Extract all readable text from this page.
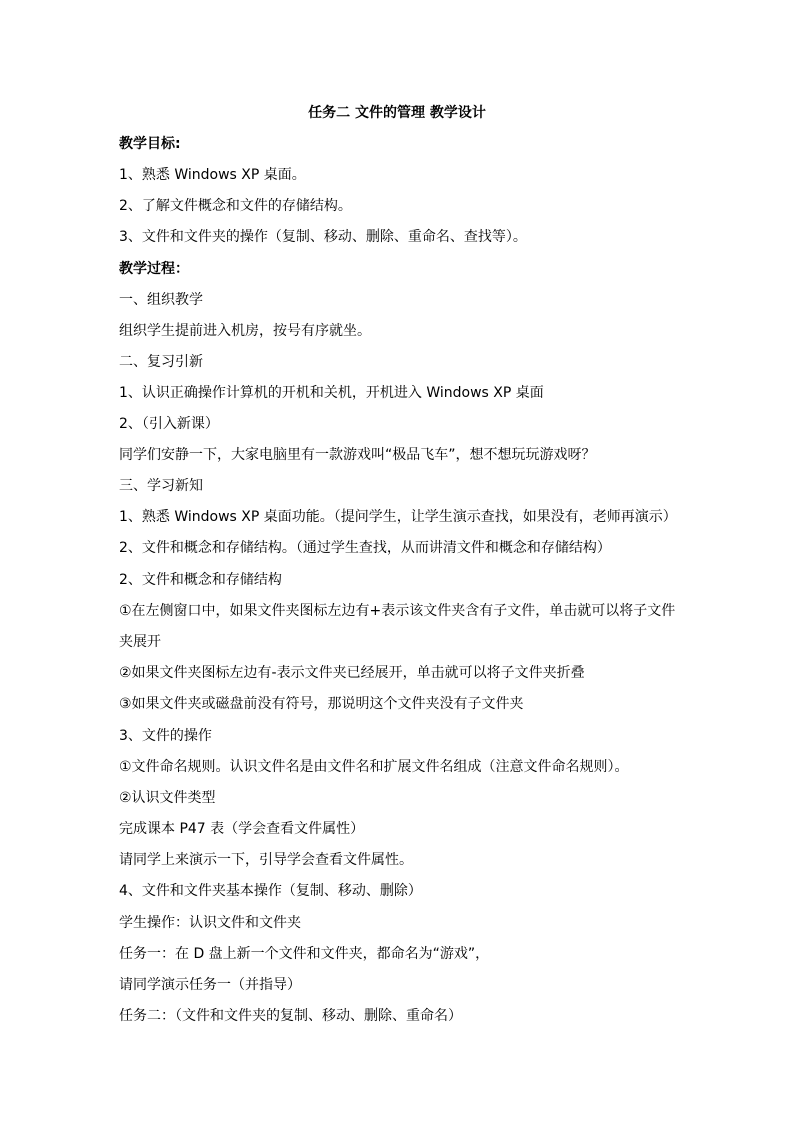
任务二 文件的管理 教学设计
教学目标:
1、熟悉 Windows XP 桌面。
2、了解文件概念和文件的存储结构。
3、文件和文件夹的操作（复制、移动、删除、重命名、查找等）。
教学过程：
一、组织教学
组织学生提前进入机房，按号有序就坐。
二、复习引新
1、认识正确操作计算机的开机和关机，开机进入 Windows XP 桌面
2、（引入新课）
同学们安静一下，大家电脑里有一款游戏叫“极品飞车”，想不想玩玩游戏呀？
三、学习新知
1、熟悉 Windows XP 桌面功能。（提问学生，让学生演示查找，如果没有，老师再演示）
2、文件和概念和存储结构。（通过学生查找，从而讲清文件和概念和存储结构）
2、文件和概念和存储结构
①在左侧窗口中，如果文件夹图标左边有+表示该文件夹含有子文件，单击就可以将子文件
夹展开
②如果文件夹图标左边有-表示文件夹已经展开，单击就可以将子文件夹折叠
③如果文件夹或磁盘前没有符号，那说明这个文件夹没有子文件夹
3、文件的操作
①文件命名规则。认识文件名是由文件名和扩展文件名组成（注意文件命名规则）。
②认识文件类型
完成课本 P47 表（学会查看文件属性）
请同学上来演示一下，引导学会查看文件属性。
4、文件和文件夹基本操作（复制、移动、删除）
学生操作：认识文件和文件夹
任务一：在 D 盘上新一个文件和文件夹，都命名为“游戏”，
请同学演示任务一（并指导）
任务二：（文件和文件夹的复制、移动、删除、重命名）
